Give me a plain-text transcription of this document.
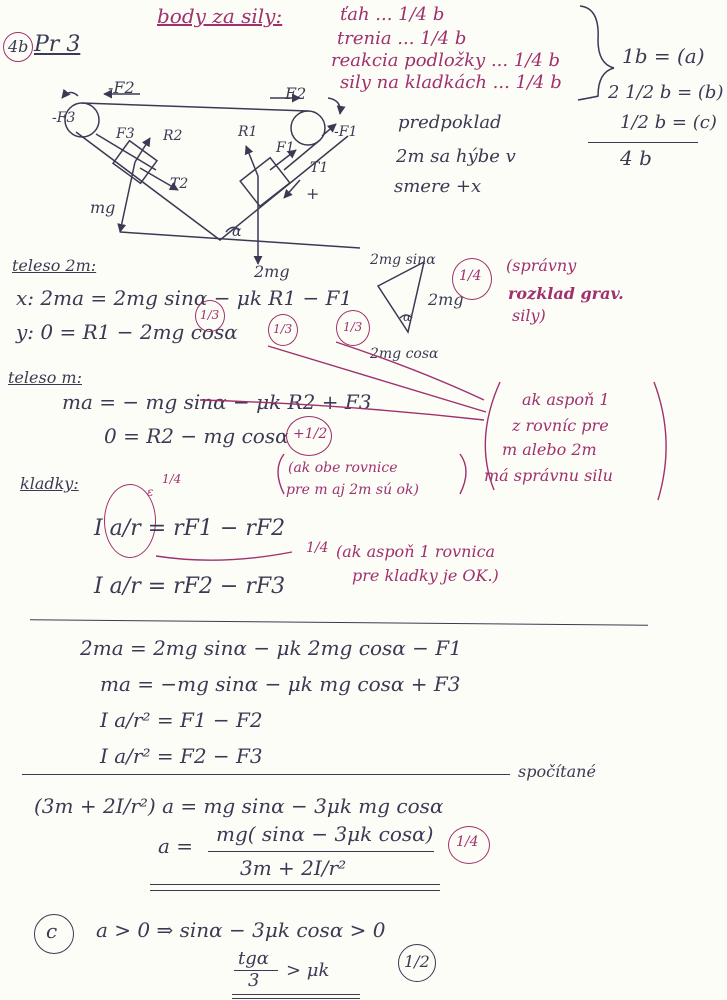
4b Pr 3
body za sily:	ťah ... 1/4 b
trenia ... 1/4 b
reakcia podložky ... 1/4 b
sily na kladkách ... 1/4 b
1b = (a)
2 1/2 b = (b)
1/2 b = (c)
4 b
-F2	F2
-F3
F3 R2
T2
mg
R1
F1
-F1
T1
+
α
2mg
predpoklad
2m sa hýbe v
smere +x
2mg sinα
2mg
2mg cosα
α
1/4
(správny
rozklad grav.
sily)
teleso 2m:
x: 2ma = 2mg sinα − μk R1 − F1
y: 0 = R1 − 2mg cosα
1/3
1/3	1/3
teleso m:
ma = − mg sinα − μk R2 + F3
0 = R2 − mg cosα +1/2
(ak obe rovnice
pre m aj 2m sú ok)
ak aspoň 1
z rovníc pre
m alebo 2m
má správnu silu
kladky:	1/4
ε
I a/r = rF1 − rF2
I a/r = rF2 − rF3
1/4 (ak aspoň 1 rovnica
pre kladky je OK.)
2ma = 2mg sinα − μk 2mg cosα − F1
ma = −mg sinα − μk mg cosα + F3
I a/r² = F1 − F2
I a/r² = F2 − F3
spočítané
(3m + 2I/r²) a = mg sinα − 3μk mg cosα
a = mg( sinα − 3μk cosα)
3m + 2I/r²
1/4
c a > 0 ⇒ sinα − 3μk cosα > 0
tgα
3 > μk	1/2
